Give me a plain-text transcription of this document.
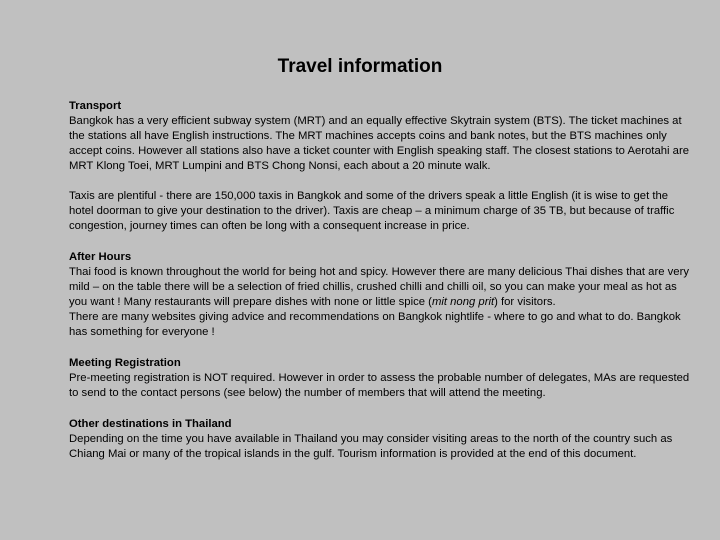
Travel information
Transport

Bangkok has a very efficient subway system (MRT) and an equally effective Skytrain system (BTS). The ticket machines at the stations all have English instructions. The MRT machines accepts coins and bank notes, but the BTS machines only accept coins. However all stations also have a ticket counter with English speaking staff. The closest stations to Aerotahi are MRT Klong Toei, MRT Lumpini and BTS Chong Nonsi, each about a 20 minute walk.

Taxis are plentiful - there are 150,000 taxis in Bangkok and some of the drivers speak a little English (it is wise to get the hotel doorman to give your destination to the driver). Taxis are cheap – a minimum charge of 35 TB, but because of traffic congestion, journey times can often be long with a consequent increase in price.

After Hours

Thai food is known throughout the world for being hot and spicy. However there are many delicious Thai dishes that are very mild – on the table there will be a selection of fried chillis, crushed chilli and chilli oil, so you can make your meal as hot as you want ! Many restaurants will prepare dishes with none or little spice (mit nong prit) for visitors.

There are many websites giving advice and recommendations on Bangkok nightlife - where to go and what to do. Bangkok has something for everyone !

Meeting Registration

Pre-meeting registration is NOT required. However in order to assess the probable number of delegates, MAs are requested to send to the contact persons (see below) the number of members that will attend the meeting.

Other destinations in Thailand

Depending on the time you have available in Thailand you may consider visiting areas to the north of the country such as Chiang Mai or many of the tropical islands in the gulf. Tourism information is provided at the end of this document.
